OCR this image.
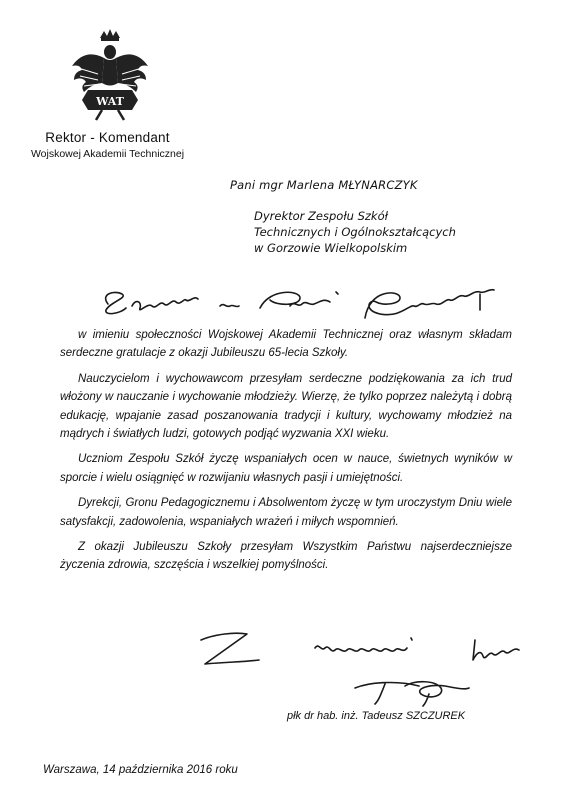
WAT
Rektor - Komendant
Wojskowej Akademii Technicznej
Pani mgr Marlena MŁYNARCZYK
Dyrektor Zespołu Szkół
Technicznych i Ogólnokształcących
w Gorzowie Wielkopolskim

w imieniu społeczności Wojskowej Akademii Technicznej oraz własnym składam serdeczne gratulacje z okazji Jubileuszu 65-lecia Szkoły.

Nauczycielom i wychowawcom przesyłam serdeczne podziękowania za ich trud włożony w nauczanie i wychowanie młodzieży. Wierzę, że tylko poprzez należytą i dobrą edukację, wpajanie zasad poszanowania tradycji i kultury, wychowamy młodzież na mądrych i światłych ludzi, gotowych podjąć wyzwania XXI wieku.

Uczniom Zespołu Szkół życzę wspaniałych ocen w nauce, świetnych wyników w sporcie i wielu osiągnięć w rozwijaniu własnych pasji i umiejętności.

Dyrekcji, Gronu Pedagogicznemu i Absolwentom życzę w tym uroczystym Dniu wiele satysfakcji, zadowolenia, wspaniałych wrażeń i miłych wspomnień.

Z okazji Jubileuszu Szkoły przesyłam Wszystkim Państwu najserdeczniejsze życzenia zdrowia, szczęścia i wszelkiej pomyślności.

płk dr hab. inż. Tadeusz SZCZUREK
Warszawa, 14 października 2016 roku
